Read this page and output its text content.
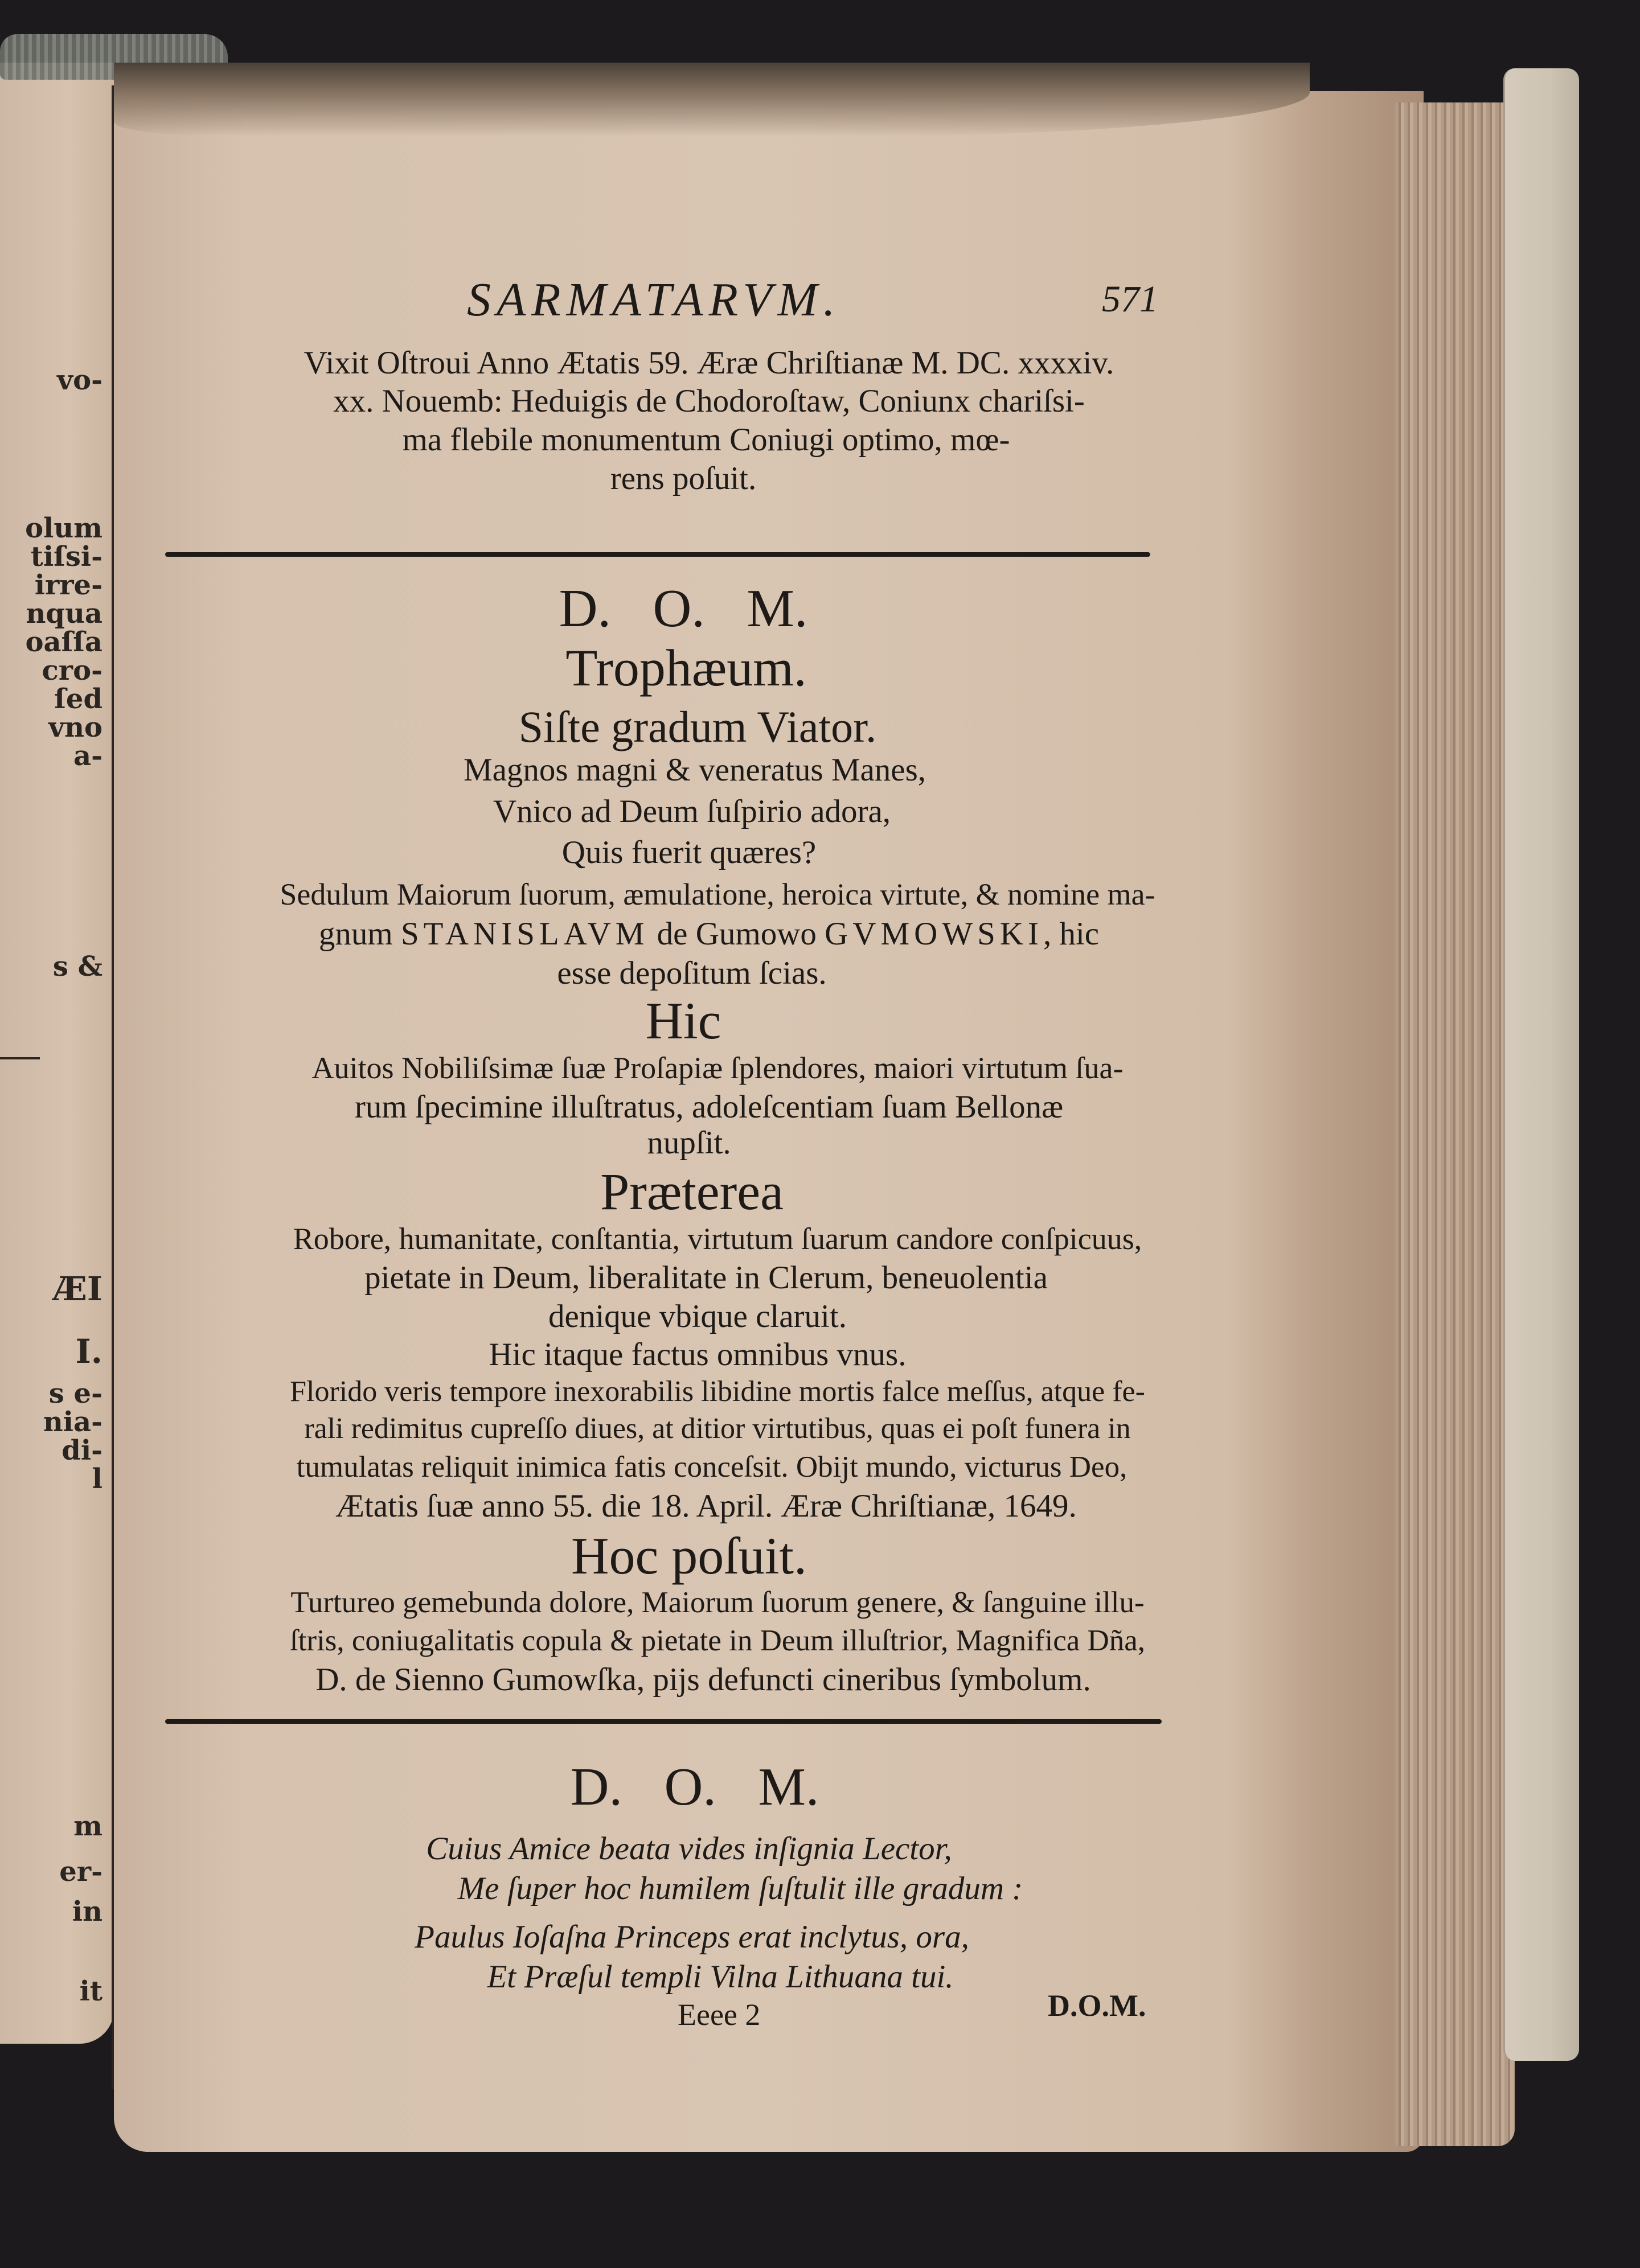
vo-
olum
tiſsi-
irre-
nqua
oaſſa
cro-
ſed
vno
a-
s &
ÆI
I.
s e-
nia-
di-
l
m
er-
in
it
SARMATARVM.	571
Vixit Oſtroui Anno Ætatis 59. Æræ Chriſtianæ M. DC. xxxxiv.
xx. Nouemb: Heduigis de Chodoroſtaw, Coniunx chariſsi-
ma flebile monumentum Coniugi optimo, mœ-
rens poſuit.
D. O. M.
Trophæum.
Siſte gradum Viator.
Magnos magni & veneratus Manes,
Vnico ad Deum ſuſpirio adora,
Quis fuerit quæres?
Sedulum Maiorum ſuorum, æmulatione, heroica virtute, & nomine ma-
gnum STANISLAVM de Gumowo GVMOWSKI, hic
esse depoſitum ſcias.
Hic
Auitos Nobiliſsimæ ſuæ Proſapiæ ſplendores, maiori virtutum ſua-
rum ſpecimine illuſtratus, adoleſcentiam ſuam Bellonæ
nupſit.
Præterea
Robore, humanitate, conſtantia, virtutum ſuarum candore conſpicuus,
pietate in Deum, liberalitate in Clerum, beneuolentia
denique vbique claruit.
Hic itaque factus omnibus vnus.
Florido veris tempore inexorabilis libidine mortis falce meſſus, atque fe-
rali redimitus cupreſſo diues, at ditior virtutibus, quas ei poſt funera in
tumulatas reliquit inimica fatis conceſsit. Obijt mundo, victurus Deo,
Ætatis ſuæ anno 55. die 18. April. Æræ Chriſtianæ, 1649.
Hoc poſuit.
Turtureo gemebunda dolore, Maiorum ſuorum genere, & ſanguine illu-
ſtris, coniugalitatis copula & pietate in Deum illuſtrior, Magnifica Dña,
D. de Sienno Gumowſka, pijs defuncti cineribus ſymbolum.
D. O. M.
Cuius Amice beata vides inſignia Lector,
Me ſuper hoc humilem ſuſtulit ille gradum :
Paulus Ioſaſna Princeps erat inclytus, ora,
Et Præſul templi Vilna Lithuana tui.
Eeee 2	D.O.M.
